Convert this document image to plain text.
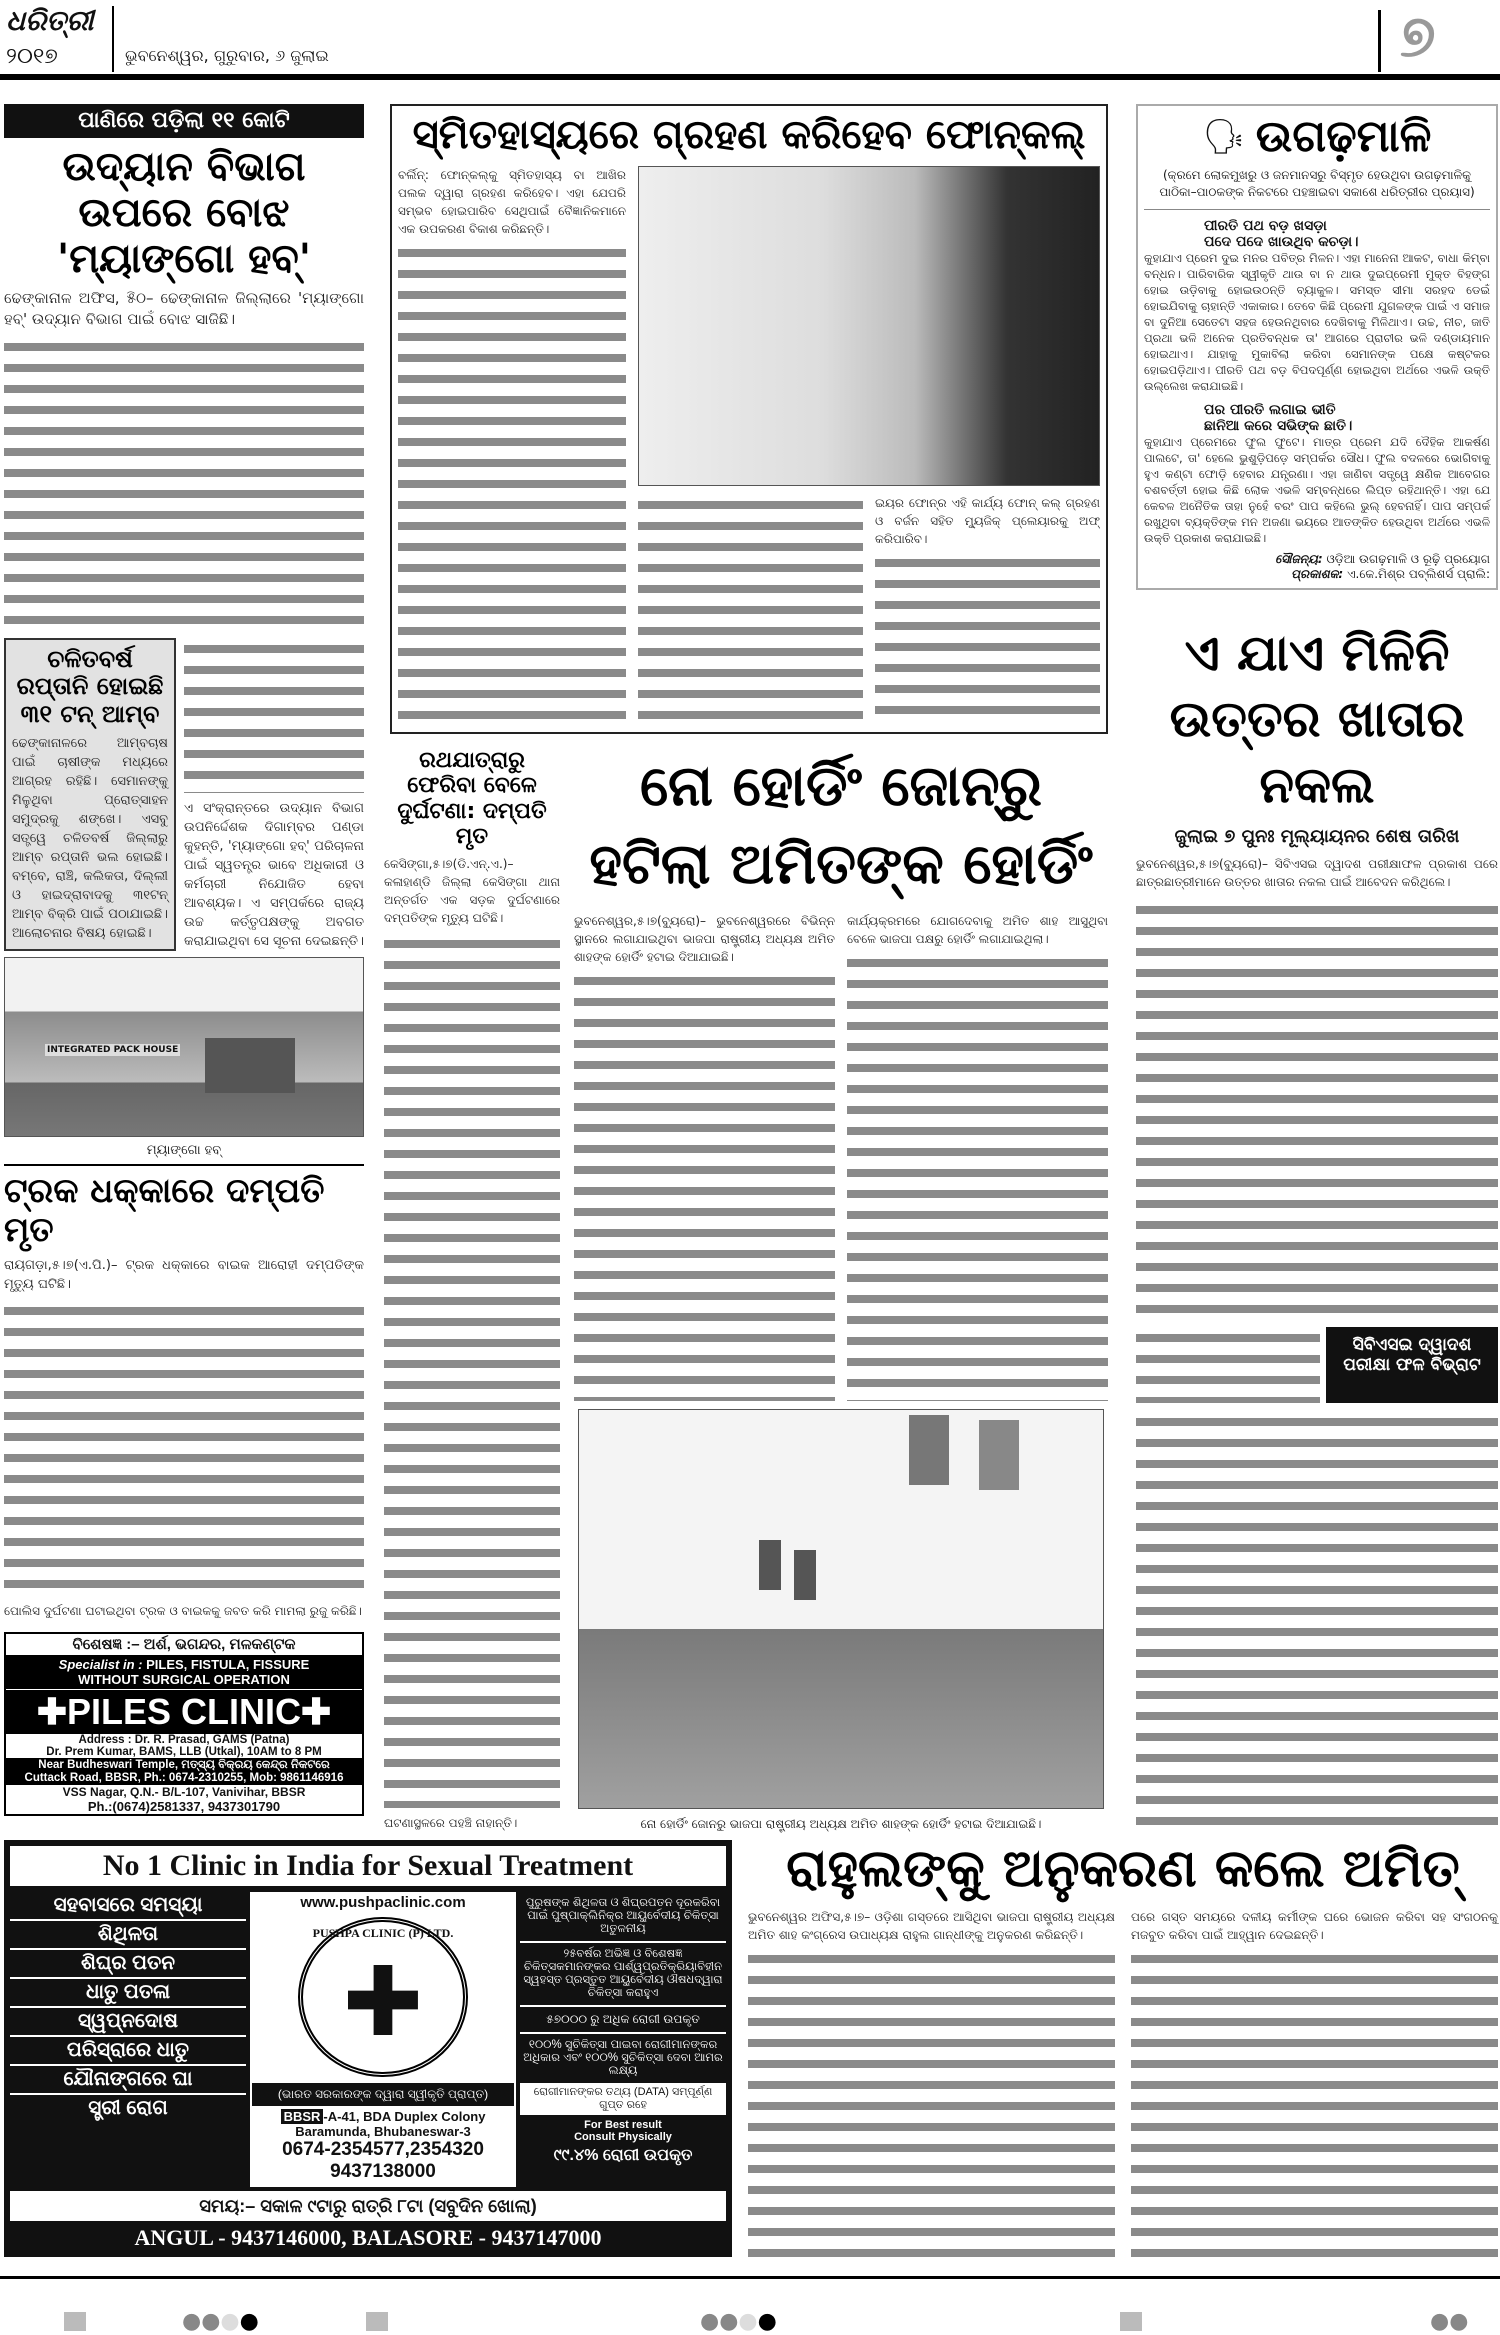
ଧରିତ୍ରୀ
୨୦୧୭	ଭୁବନେଶ୍ୱର, ଗୁରୁବାର, ୬ ଜୁଲାଇ	୭
ପାଣିରେ ପଡ଼ିଲା ୧୧ କୋଟି
ଉଦ୍ୟାନ ବିଭାଗ ଉପରେ ବୋଝ 'ମ୍ୟାଙ୍ଗୋ ହବ୍'
ଢେଙ୍କାନାଳ ଅଫିସ, ୫ିଠ– ଢେଙ୍କାନାଳ ଜିଲ୍ଲାରେ 'ମ୍ୟାଙ୍ଗୋ ହବ୍' ଉଦ୍ୟାନ ବିଭାଗ ପାଇଁ ବୋଝ ସାଜିଛି।
ଚଳିତବର୍ଷ ରପ୍ତାନି ହୋଇଛି ୩୧ ଟନ୍ ଆମ୍ବ
ଢେଙ୍କାନାଳରେ ଆମ୍ବଚାଷ ପାଇଁ ଚାଷୀଙ୍କ ମଧ୍ୟରେ ଆଗ୍ରହ ରହିଛି। ସେମାନଙ୍କୁ ମିଳୁଥିବା ପ୍ରୋତ୍ସାହନ ସମୁଦ୍ରକୁ ଶଙ୍ଖେ। ଏସବୁ ସତ୍ତ୍ୱେ ଚଳିତବର୍ଷ ଜିଲ୍ଲାରୁ ଆମ୍ବ ରପ୍ତାନି ଭଲ ହୋଇଛି। ବମ୍ବେ, ରାଞ୍ଚି, କଲିକତା, ଦିଲ୍ଲୀ ଓ ହାଇଦ୍ରାବାଦକୁ ୩୧ଟନ୍ ଆମ୍ବ ବିକ୍ରି ପାଇଁ ପଠାଯାଇଛି। ଆଲୋଚନାର ବିଷୟ ହୋଇଛି।
ଏ ସଂକ୍ରାନ୍ତରେ ଉଦ୍ୟାନ ବିଭାଗ ଉପନିର୍ଦ୍ଦେଶକ ଦିଗାମ୍ବର ପଣ୍ଡା କୁହନ୍ତି, 'ମ୍ୟାଙ୍ଗୋ ହବ୍' ପରିଚାଳନା ପାଇଁ ସ୍ୱତନ୍ତ୍ର ଭାବେ ଅଧିକାରୀ ଓ କର୍ମଚାରୀ ନିଯୋଜିତ ହେବା ଆବଶ୍ୟକ। ଏ ସମ୍ପର୍କରେ ରାଜ୍ୟ ଉଚ୍ଚ କର୍ତ୍ତୃପକ୍ଷଙ୍କୁ ଅବଗତ କରାଯାଇଥିବା ସେ ସୂଚନା ଦେଇଛନ୍ତି।
INTEGRATED PACK HOUSE
ମ୍ୟାଙ୍ଗୋ ହବ୍
ଟ୍ରକ ଧକ୍କାରେ ଦମ୍ପତି ମୃତ
ରାୟଗଡ଼ା,୫।୭(ଏ.ପି.)– ଟ୍ରକ ଧକ୍କାରେ ବାଇକ ଆରୋହୀ ଦମ୍ପତିଙ୍କ ମୃତ୍ୟୁ ଘଟିଛି।
ପୋଲିସ ଦୁର୍ଘଟଣା ଘଟାଇଥିବା ଟ୍ରକ ଓ ବାଇକକୁ ଜବତ କରି ମାମଲା ରୁଜୁ କରିଛି।
ବିଶେଷଜ୍ଞ :– ଅର୍ଶ, ଭଗନ୍ଦର, ମଳକଣ୍ଟକ
Specialist in : PILES, FISTULA, FISSURE
WITHOUT SURGICAL OPERATION
✚PILES CLINIC✚
Address : Dr. R. Prasad, GAMS (Patna)
Dr. Prem Kumar, BAMS, LLB (Utkal), 10AM to 8 PM
Near Budheswari Temple, ମତ୍ସ୍ୟ ବିକ୍ରୟ କେନ୍ଦ୍ର ନିକଟରେ
Cuttack Road, BBSR, Ph.: 0674-2310255, Mob: 9861146916
VSS Nagar, Q.N.- B/L-107, Vanivihar, BBSR
Ph.:(0674)2581337, 9437301790
ସ୍ମିତହାସ୍ୟରେ ଗ୍ରହଣ କରିହେବ ଫୋନ୍‌କଲ୍
ବର୍ଲିନ୍: ଫୋନ୍‌କଲ୍‌କୁ ସ୍ମିତହାସ୍ୟ ବା ଆଖିର ପଲକ ଦ୍ୱାରା ଗ୍ରହଣ କରିହେବ। ଏହା ଯେପରି ସମ୍ଭବ ହୋଇପାରିବ ସେଥିପାଇଁ ବୈଜ୍ଞାନିକମାନେ ଏକ ଉପକରଣ ବିକାଶ କରିଛନ୍ତି।
ଇୟର ଫୋନ୍‌ର ଏହି କାର୍ଯ୍ୟ ଫୋନ୍ କଲ୍ ଗ୍ରହଣ ଓ ବର୍ଜନ ସହିତ ମ୍ୟୁଜିକ୍ ପ୍ଲେୟାରକୁ ଅଫ୍ କରିପାରିବ।
ରଥଯାତ୍ରାରୁ ଫେରିବା ବେଳେ ଦୁର୍ଘଟଣା: ଦମ୍ପତି ମୃତ
କେସିଙ୍ଗା,୫।୭(ଡି.ଏନ୍.ଏ.)– କଳାହାଣ୍ଡି ଜିଲ୍ଲା କେସିଙ୍ଗା ଥାନା ଅନ୍ତର୍ଗତ ଏକ ସଡ଼କ ଦୁର୍ଘଟଣାରେ ଦମ୍ପତିଙ୍କ ମୃତ୍ୟୁ ଘଟିଛି।
ଘଟଣାସ୍ଥଳରେ ପହଞ୍ଚି ନାହାନ୍ତି।
ନୋ ହୋର୍ଡିଂ ଜୋନ୍‌ରୁ ହଟିଲା ଅମିତଙ୍କ ହୋର୍ଡିଂ
ଭୁବନେଶ୍ୱର,୫।୭(ବ୍ୟୁରୋ)– ଭୁବନେଶ୍ୱରରେ ବିଭିନ୍ନ ସ୍ଥାନରେ ଲଗାଯାଇଥିବା ଭାଜପା ରାଷ୍ଟ୍ରୀୟ ଅଧ୍ୟକ୍ଷ ଅମିତ ଶାହଙ୍କ ହୋର୍ଡିଂ ହଟାଇ ଦିଆଯାଇଛି।
କାର୍ଯ୍ୟକ୍ରମରେ ଯୋଗଦେବାକୁ ଅମିତ ଶାହ ଆସୁଥିବା ବେଳେ ଭାଜପା ପକ୍ଷରୁ ହୋର୍ଡିଂ ଲଗାଯାଇଥିଲା।
ନୋ ହୋର୍ଡିଂ ଜୋନରୁ ଭାଜପା ରାଷ୍ଟ୍ରୀୟ ଅଧ୍ୟକ୍ଷ ଅମିତ ଶାହଙ୍କ ହୋର୍ଡିଂ ହଟାଇ ଦିଆଯାଇଛି।
🗣 ଉଗଢ଼ମାଳି
(କ୍ରମେ ଲୋକମୁଖରୁ ଓ ଜନମାନସରୁ ବିସ୍ମୃତ ହେଉଥିବା ଉଗଢ଼ମାଳିକୁ ପାଠିକା–ପାଠକଙ୍କ ନିକଟରେ ପହଞ୍ଚାଇବା ସକାଶେ ଧରିତ୍ରୀର ପ୍ରୟାସ)
ପୀରତି ପଥ ବଡ଼ ଖସଡ଼ା
ପଦେ ପଦେ ଖାଉଥିବ କଚଡ଼ା।
କୁହାଯାଏ ପ୍ରେମ ଦୁଇ ମନର ପବିତ୍ର ମିଳନ। ଏହା ମାନେନା ଆକଟ, ବାଧା କିମ୍ବା ବନ୍ଧନ। ପାରିବାରିକ ସ୍ୱୀକୃତି ଥାଉ ବା ନ ଥାଉ ଦୁଇପ୍ରେମୀ ମୁକ୍ତ ବିହଙ୍ଗ ହୋଇ ଉଡ଼ିବାକୁ ହୋଇଉଠନ୍ତି ବ୍ୟାକୁଳ। ସମସ୍ତ ସୀମା ସରହଦ ଡେଇଁ ହୋଇଯିବାକୁ ଚାହାନ୍ତି ଏକାକାର। ତେବେ କିଛି ପ୍ରେମୀ ଯୁଗଳଙ୍କ ପାଇଁ ଏ ସମାଜ ବା ଦୁନିଆ ସେତେଟା ସହଜ ହେଉନଥିବାର ଦେଖିବାକୁ ମିଳିଥାଏ। ଉଚ୍ଚ, ନୀଚ, ଜାତି ପ୍ରଥା ଭଳି ଅନେକ ପ୍ରତିବନ୍ଧକ ତା' ଆଗରେ ପ୍ରାଚୀର ଭଳି ଦଣ୍ଡାୟମାନ ହୋଇଥାଏ। ଯାହାକୁ ମୁକାବିଲା କରିବା ସେମାନଙ୍କ ପକ୍ଷେ କଷ୍ଟକର ହୋଇପଡ଼ିଥାଏ। ପୀରତି ପଥ ବଡ଼ ବିପଦପୂର୍ଣ୍ଣ ହୋଇଥିବା ଅର୍ଥରେ ଏଭଳି ଉକ୍ତି ଉଲ୍ଲେଖ କରାଯାଇଛି।
ପର ପୀରତି ଲଗାଇ ଭୀତି
ଛାନିଆ କରେ ସଭିଙ୍କ ଛାତି।
କୁହାଯାଏ ପ୍ରେମରେ ଫୁଲ ଫୁଟେ। ମାତ୍ର ପ୍ରେମ ଯଦି ଦୈହିକ ଆକର୍ଷଣ ପାଲଟେ, ତା' ହେଲେ ଭୁଶୁଡ଼ିପଡ଼େ ସମ୍ପର୍କର ସୌଧ। ଫୁଲ ବଦଳରେ ଭୋଗିବାକୁ ହୁଏ କଣ୍ଟା ଫୋଡ଼ି ହେବାର ଯନ୍ତ୍ରଣା। ଏହା ଜାଣିବା ସତ୍ତ୍ୱେ କ୍ଷଣିକ ଆବେଗର ବଶବର୍ତ୍ତୀ ହୋଇ କିଛି ଲୋକ ଏଭଳି ସମ୍ବନ୍ଧରେ ଲିପ୍ତ ରହିଥାନ୍ତି। ଏହା ଯେ କେବଳ ଅନୈତିକ ତାହା ନୁହେଁ ବରଂ ପାପ କହିଲେ ଭୁଲ୍ ହେବନାହିଁ। ପାପ ସମ୍ପର୍କ ରଖୁଥିବା ବ୍ୟକ୍ତିଙ୍କ ମନ ଅଜଣା ଭୟରେ ଆତଙ୍କିତ ହେଉଥିବା ଅର୍ଥରେ ଏଭଳି ଉକ୍ତି ପ୍ରକାଶ କରାଯାଇଛି।
ସୌଜନ୍ୟ: ଓଡ଼ିଆ ଉଗଢ଼ମାଳି ଓ ରୂଢ଼ି ପ୍ରୟୋଗ
ପ୍ରକାଶକ: ଏ.କେ.ମିଶ୍ର ପବ୍ଲିଶର୍ସ ପ୍ରାଲି:
ଏ ଯାଏ ମିଳିନି ଉତ୍ତର ଖାତାର ନକଲ
ଜୁଲାଇ ୭ ପୁନଃ ମୂଲ୍ୟାୟନର ଶେଷ ତାରିଖ
ଭୁବନେଶ୍ୱର,୫।୭(ବ୍ୟୁରୋ)– ସିବିଏସଇ ଦ୍ୱାଦଶ ପରୀକ୍ଷାଫଳ ପ୍ରକାଶ ପରେ ଛାତ୍ରଛାତ୍ରୀମାନେ ଉତ୍ତର ଖାତାର ନକଲ ପାଇଁ ଆବେଦନ କରିଥିଲେ।
ସିବିଏସଇ ଦ୍ୱାଦଶ ପରୀକ୍ଷା ଫଳ ବିଭ୍ରାଟ
No 1 Clinic in India for Sexual Treatment
ସହବାସରେ ସମସ୍ୟା
ଶିଥିଳତା
ଶିଘ୍ର ପତନ
ଧାତୁ ପତଳା
ସ୍ୱପ୍ନଦୋଷ
ପରିସ୍ରାରେ ଧାତୁ
ଯୌନାଙ୍ଗରେ ଘା
ସ୍ତ୍ରୀ ରୋଗ
www.pushpaclinic.com
PUSHPA CLINIC (P) LTD.
✚
(ଭାରତ ସରକାରଙ୍କ ଦ୍ୱାରା ସ୍ୱୀକୃତି ପ୍ରାପ୍ତ)
BBSR -A-41, BDA Duplex Colony
Baramunda, Bhubaneswar-3
0674-2354577,2354320
9437138000
ପୁରୁଷଙ୍କ ଶିଥିଳତା ଓ ଶିଘ୍ରପତନ ଦୂରକରିବା ପାଇଁ ପୁଷ୍ପାକ୍ଲିନିକ୍‌ର ଆୟୁର୍ବେଦୀୟ ଚିକିତ୍ସା ଅତୁଳନୀୟ
୨୫ବର୍ଷର ଅଭିଜ୍ଞ ଓ ବିଶେଷଜ୍ଞ ଚିକିତ୍ସକମାନଙ୍କର ପାର୍ଶ୍ୱପ୍ରତିକ୍ରିୟାବିହୀନ ସ୍ୱହସ୍ତ ପ୍ରସ୍ତୁତ ଆୟୁର୍ବେଦୀୟ ଔଷଧଦ୍ୱାରା ଚିକିତ୍ସା କରାହୁଏ
୫୭୦୦୦ ରୁ ଅଧିକ ରୋଗୀ ଉପକୃତ
୧୦୦% ସୁଚିକିତ୍ସା ପାଇବା ରୋଗୀମାନଙ୍କର ଅଧିକାର ଏବଂ ୧୦୦% ସୁଚିକିତ୍ସା ଦେବା ଆମର ଲକ୍ଷ୍ୟ
ରୋଗୀମାନଙ୍କର ତଥ୍ୟ (DATA) ସମ୍ପୂର୍ଣ୍ଣ ଗୁପ୍ତ ରହେ
For Best result
Consult Physically
୯୯.୪% ରୋଗୀ ଉପକୃତ
ସମୟ:– ସକାଳ ୯ଟାରୁ ରାତ୍ରି ୮ଟା (ସବୁଦିନ ଖୋଲା)
ANGUL - 9437146000, BALASORE - 9437147000
ରାହୁଲଙ୍କୁ ଅନୁକରଣ କଲେ ଅମିତ୍
ଭୁବନେଶ୍ୱର ଅଫିସ,୫।୭– ଓଡ଼ିଶା ଗସ୍ତରେ ଆସିଥିବା ଭାଜପା ରାଷ୍ଟ୍ରୀୟ ଅଧ୍ୟକ୍ଷ ଅମିତ ଶାହ କଂଗ୍ରେସ ଉପାଧ୍ୟକ୍ଷ ରାହୁଲ ଗାନ୍ଧୀଙ୍କୁ ଅନୁକରଣ କରିଛନ୍ତି।
ପରେ ଗସ୍ତ ସମୟରେ ଦଳୀୟ କର୍ମୀଙ୍କ ଘରେ ଭୋଜନ କରିବା ସହ ସଂଗଠନକୁ ମଜବୁତ କରିବା ପାଇଁ ଆହ୍ୱାନ ଦେଇଛନ୍ତି।
●●●●	●●●●	●●
